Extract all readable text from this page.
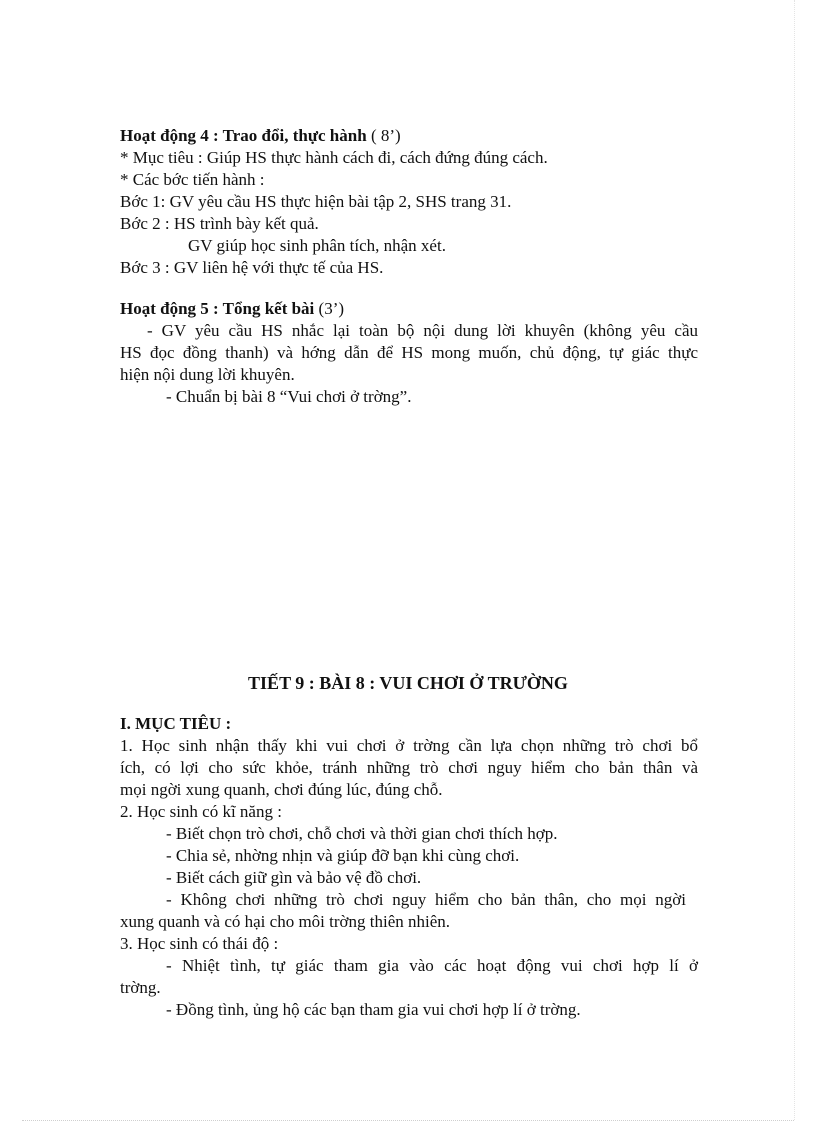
Hoạt động 4 : Trao đổi, thực hành ( 8’)
* Mục tiêu : Giúp HS thực hành cách đi, cách đứng đúng cách.
* Các bớc tiến hành :
Bớc 1: GV yêu cầu HS thực hiện bài tập 2, SHS trang 31.
Bớc 2 : HS trình bày kết quả.
GV giúp học sinh phân tích, nhận xét.
Bớc 3 : GV liên hệ với thực tế của HS.
Hoạt động 5 : Tổng kết bài (3’)
- GV yêu cầu HS nhắc lại toàn bộ nội dung lời khuyên (không yêu cầu
HS đọc đồng thanh) và hớng dẫn để HS mong muốn, chủ động, tự giác thực
hiện nội dung lời khuyên.
- Chuẩn bị bài 8 “Vui chơi ở trờng”.
TIẾT 9 : BÀI 8 : VUI CHƠI Ở TRƯỜNG
I. MỤC TIÊU :
1. Học sinh nhận thấy khi vui chơi ở trờng cần lựa chọn những trò chơi bổ
ích, có lợi cho sức khỏe, tránh những trò chơi nguy hiểm cho bản thân và
mọi ngời xung quanh, chơi đúng lúc, đúng chỗ.
2. Học sinh có kĩ năng :
- Biết chọn trò chơi, chỗ chơi và thời gian chơi thích hợp.
- Chia sẻ, nhờng nhịn và giúp đỡ bạn khi cùng chơi.
- Biết cách giữ gìn và bảo vệ đồ chơi.
- Không chơi những trò chơi nguy hiểm cho bản thân, cho mọi ngời
xung quanh và có hại cho môi trờng thiên nhiên.
3. Học sinh có thái độ :
- Nhiệt tình, tự giác tham gia vào các hoạt động vui chơi hợp lí ở
trờng.
- Đồng tình, ủng hộ các bạn tham gia vui chơi hợp lí ở trờng.
